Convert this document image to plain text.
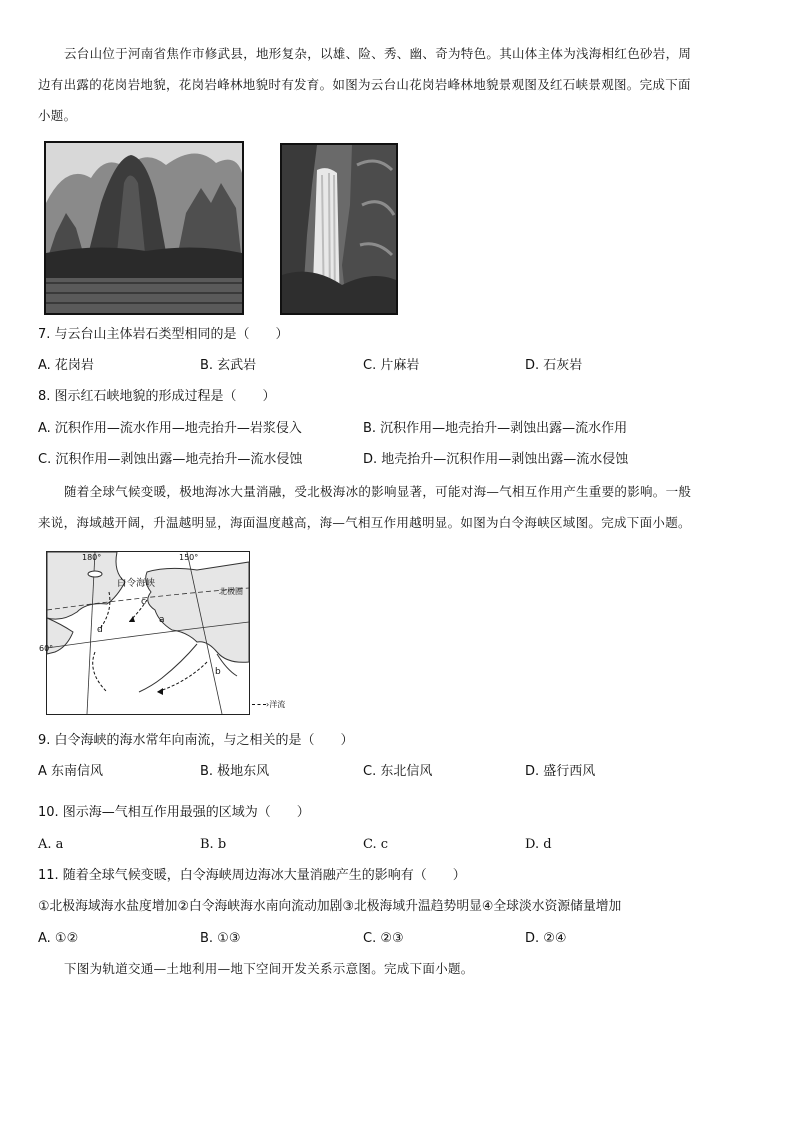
云台山位于河南省焦作市修武县，地形复杂，以雄、险、秀、幽、奇为特色。其山体主体为浅海相红色砂岩，周
边有出露的花岗岩地貌，花岗岩峰林地貌时有发育。如图为云台山花岗岩峰林地貌景观图及红石峡景观图。完成下面
小题。
7. 与云台山主体岩石类型相同的是（　　）
A. 花岗岩	B. 玄武岩	C. 片麻岩	D. 石灰岩
8. 图示红石峡地貌的形成过程是（　　）
A. 沉积作用—流水作用—地壳抬升—岩浆侵入	B. 沉积作用—地壳抬升—剥蚀出露—流水作用
C. 沉积作用—剥蚀出露—地壳抬升—流水侵蚀	D. 地壳抬升—沉积作用—剥蚀出露—流水侵蚀
随着全球气候变暖，极地海冰大量消融，受北极海冰的影响显著，可能对海—气相互作用产生重要的影响。一般
来说，海域越开阔，升温越明显，海面温度越高，海—气相互作用越明显。如图为白令海峡区域图。完成下面小题。
180°	150°
60°
白令海峡
北极圈
a
b
c
d
›洋流
9. 白令海峡的海水常年向南流，与之相关的是（　　）
A 东南信风	B. 极地东风	C. 东北信风	D. 盛行西风
10. 图示海—气相互作用最强的区域为（　　）
A. a	B. b	C. c	D. d
11. 随着全球气候变暖，白令海峡周边海冰大量消融产生的影响有（　　）
①北极海域海水盐度增加②白令海峡海水南向流动加剧③北极海域升温趋势明显④全球淡水资源储量增加
A. ①②	B. ①③	C. ②③	D. ②④
下图为轨道交通—土地利用—地下空间开发关系示意图。完成下面小题。
